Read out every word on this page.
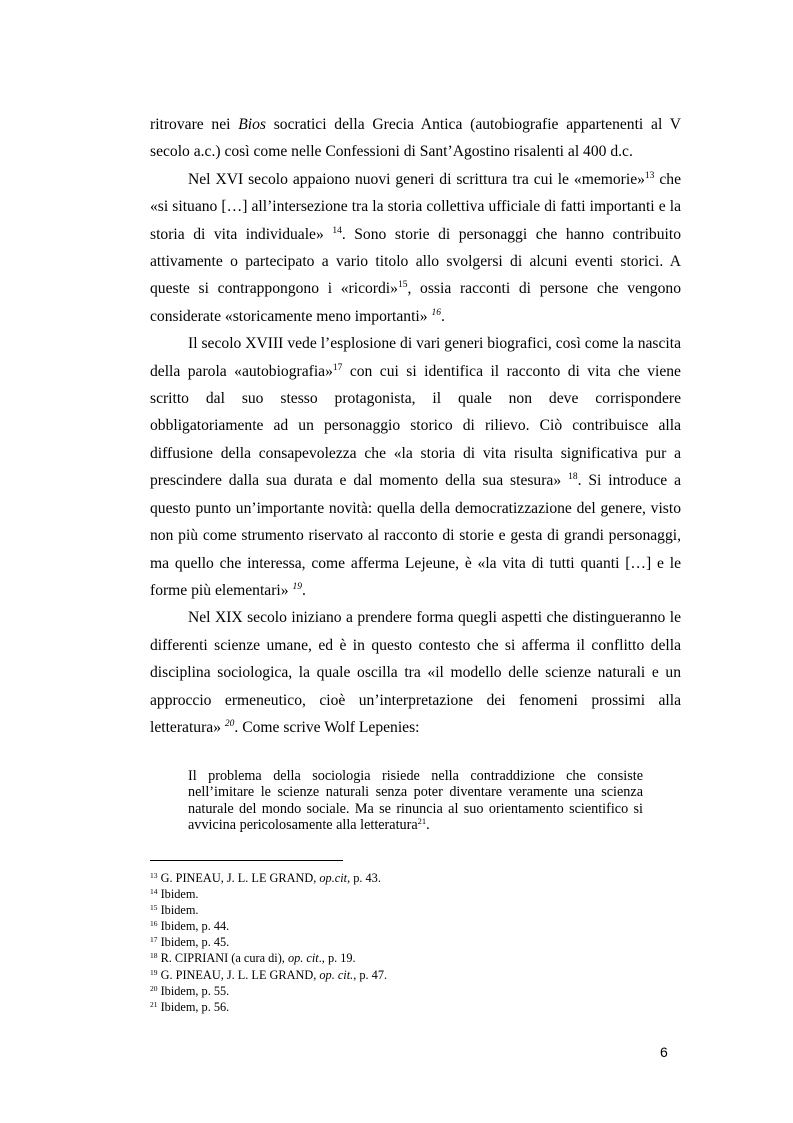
ritrovare nei Bios socratici della Grecia Antica (autobiografie appartenenti al V secolo a.c.) così come nelle Confessioni di Sant’Agostino risalenti al 400 d.c.

Nel XVI secolo appaiono nuovi generi di scrittura tra cui le «memorie»$^{13}$ che «si situano […] all’intersezione tra la storia collettiva ufficiale di fatti importanti e la storia di vita individuale» $^{14}$. Sono storie di personaggi che hanno contribuito attivamente o partecipato a vario titolo allo svolgersi di alcuni eventi storici. A queste si contrappongono i «ricordi»$^{15}$, ossia racconti di persone che vengono considerate «storicamente meno importanti» $^{16}$.

Il secolo XVIII vede l’esplosione di vari generi biografici, così come la nascita della parola «autobiografia»$^{17}$ con cui si identifica il racconto di vita che viene scritto dal suo stesso protagonista, il quale non deve corrispondere obbligatoriamente ad un personaggio storico di rilievo. Ciò contribuisce alla diffusione della consapevolezza che «la storia di vita risulta significativa pur a prescindere dalla sua durata e dal momento della sua stesura» $^{18}$. Si introduce a questo punto un’importante novità: quella della democratizzazione del genere, visto non più come strumento riservato al racconto di storie e gesta di grandi personaggi, ma quello che interessa, come afferma Lejeune, è «la vita di tutti quanti […] e le forme più elementari» $^{19}$.

Nel XIX secolo iniziano a prendere forma quegli aspetti che distingueranno le differenti scienze umane, ed è in questo contesto che si afferma il conflitto della disciplina sociologica, la quale oscilla tra «il modello delle scienze naturali e un approccio ermeneutico, cioè un’interpretazione dei fenomeni prossimi alla letteratura» $^{20}$. Come scrive Wolf Lepenies:

Il problema della sociologia risiede nella contraddizione che consiste nell’imitare le scienze naturali senza poter diventare veramente una scienza naturale del mondo sociale. Ma se rinuncia al suo orientamento scientifico si avvicina pericolosamente alla letteratura$^{21}$.

$^{13}$ G. PINEAU, J. L. LE GRAND, op.cit, p. 43.

$^{14}$ Ibidem.

$^{15}$ Ibidem.

$^{16}$ Ibidem, p. 44.

$^{17}$ Ibidem, p. 45.

$^{18}$ R. CIPRIANI (a cura di), op. cit., p. 19.

$^{19}$ G. PINEAU, J. L. LE GRAND, op. cit., p. 47.

$^{20}$ Ibidem, p. 55.

$^{21}$ Ibidem, p. 56.

6
